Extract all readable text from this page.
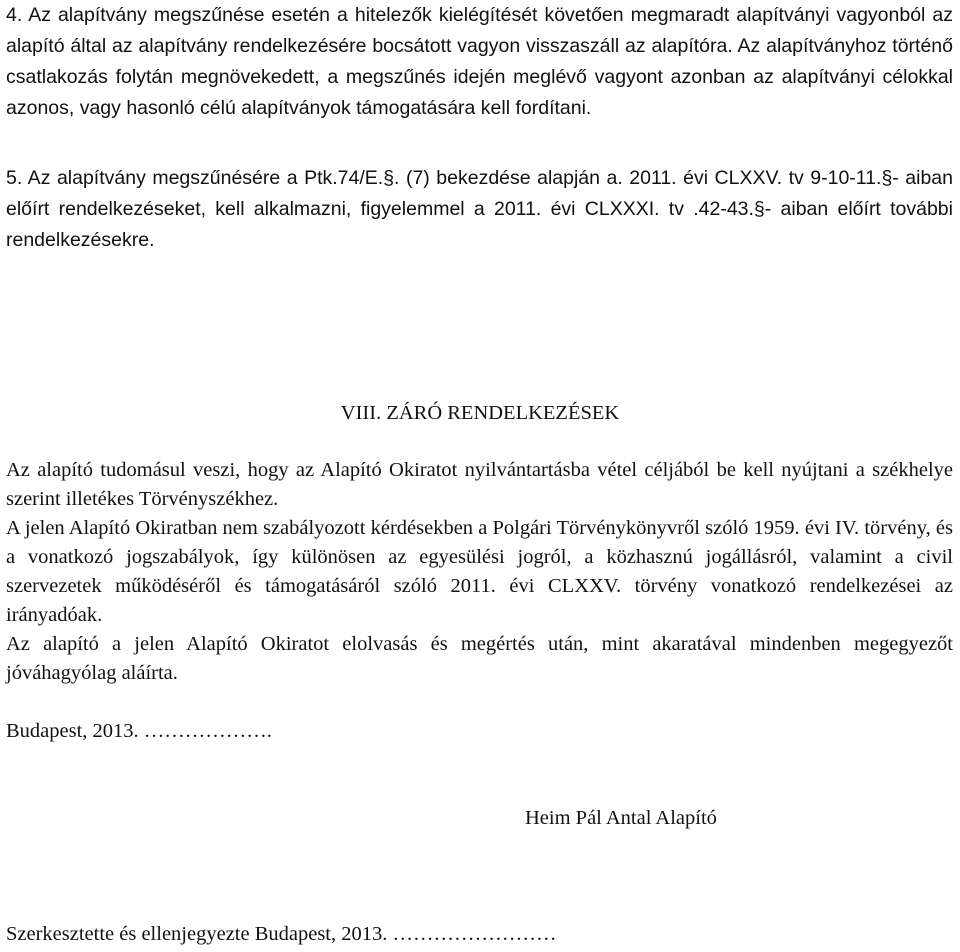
4. Az alapítvány megszűnése esetén a hitelezők kielégítését követően megmaradt alapítványi vagyonból az alapító által az alapítvány rendelkezésére bocsátott vagyon visszaszáll az alapítóra. Az alapítványhoz történő csatlakozás folytán megnövekedett, a megszűnés idején meglévő vagyont azonban az alapítványi célokkal azonos, vagy hasonló célú alapítványok támogatására kell fordítani.

5. Az alapítvány megszűnésére a Ptk.74/E.§. (7) bekezdése alapján a. 2011. évi CLXXV. tv 9-10-11.§- aiban előírt rendelkezéseket, kell alkalmazni, figyelemmel a 2011. évi CLXXXI. tv .42-43.§- aiban előírt további rendelkezésekre.

VIII. ZÁRÓ RENDELKEZÉSEK
Az alapító tudomásul veszi, hogy az Alapító Okiratot nyilvántartásba vétel céljából be kell nyújtani a székhelye szerint illetékes Törvényszékhez.
A jelen Alapító Okiratban nem szabályozott kérdésekben a Polgári Törvénykönyvről szóló 1959. évi IV. törvény, és a vonatkozó jogszabályok, így különösen az egyesülési jogról, a közhasznú jogállásról, valamint a civil szervezetek működéséről és támogatásáról szóló 2011. évi CLXXV. törvény vonatkozó rendelkezései az irányadóak.
Az alapító a jelen Alapító Okiratot elolvasás és megértés után, mint akaratával mindenben megegyezőt jóváhagyólag aláírta.
Budapest, 2013. ……………….
Heim Pál Antal Alapító
Szerkesztette és ellenjegyezte Budapest, 2013. ……………………
